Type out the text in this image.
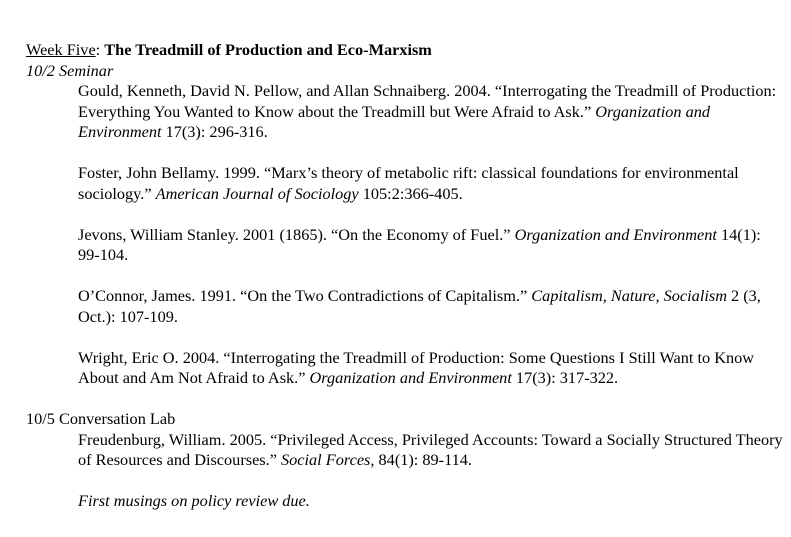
Week Five: The Treadmill of Production and Eco-Marxism

10/2 Seminar

Gould, Kenneth, David N. Pellow, and Allan Schnaiberg. 2004. “Interrogating the Treadmill of Production: Everything You Wanted to Know about the Treadmill but Were Afraid to Ask.” Organization and Environment 17(3): 296-316.
Foster, John Bellamy. 1999. “Marx’s theory of metabolic rift: classical foundations for environmental sociology.” American Journal of Sociology 105:2:366-405.
Jevons, William Stanley. 2001 (1865). “On the Economy of Fuel.” Organization and Environment 14(1): 99-104.
O’Connor, James. 1991. “On the Two Contradictions of Capitalism.” Capitalism, Nature, Socialism 2 (3, Oct.): 107-109.
Wright, Eric O. 2004. “Interrogating the Treadmill of Production: Some Questions I Still Want to Know About and Am Not Afraid to Ask.” Organization and Environment 17(3): 317-322.

10/5 Conversation Lab

Freudenburg, William. 2005. “Privileged Access, Privileged Accounts: Toward a Socially Structured Theory of Resources and Discourses.” Social Forces, 84(1): 89-114.

First musings on policy review due.
